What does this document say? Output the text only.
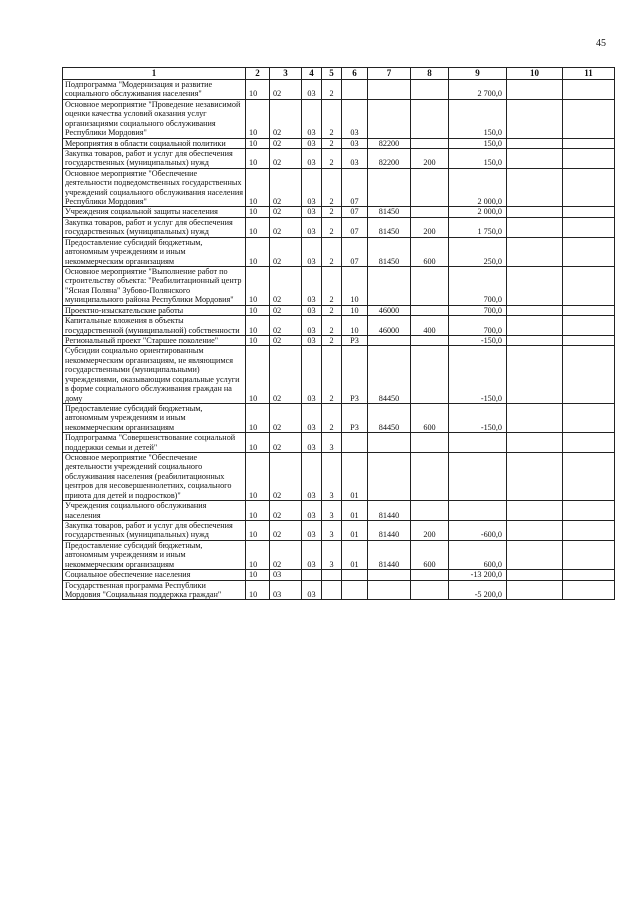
45
1	2	3	4	5	6	7	8	9	10	11
Подпрограмма "Модернизация и развитие социального обслуживания населения"	10	02	03	2				2 700,0		
Основное мероприятие "Проведение независимой оценки качества условий оказания услуг организациями социального обслуживания Республики Мордовия"	10	02	03	2	03			150,0		
Мероприятия в области социальной политики	10	02	03	2	03	82200		150,0		
Закупка товаров, работ и услуг для обеспечения государственных (муниципальных) нужд	10	02	03	2	03	82200	200	150,0		
Основное мероприятие "Обеспечение деятельности подведомственных государственных учреждений социального обслуживания населения Республики Мордовия"	10	02	03	2	07			2 000,0		
Учреждения социальной защиты населения	10	02	03	2	07	81450		2 000,0		
Закупка товаров, работ и услуг для обеспечения государственных (муниципальных) нужд	10	02	03	2	07	81450	200	1 750,0		
Предоставление субсидий бюджетным, автономным учреждениям и иным некоммерческим организациям	10	02	03	2	07	81450	600	250,0		
Основное мероприятие "Выполнение работ по строительству объекта: "Реабилитационный центр "Ясная Поляна" Зубово-Полянского муниципального района Республики Мордовия"	10	02	03	2	10			700,0		
Проектно-изыскательские работы	10	02	03	2	10	46000		700,0		
Капитальные вложения в объекты государственной (муниципальной) собственности	10	02	03	2	10	46000	400	700,0		
Региональный проект "Старшее поколение"	10	02	03	2	Р3			-150,0		
Субсидии социально ориентированным некоммерческим организациям, не являющимся государственными (муниципальными) учреждениями, оказывающим социальные услуги в форме социального обслуживания граждан на дому	10	02	03	2	Р3	84450		-150,0		
Предоставление субсидий бюджетным, автономным учреждениям и иным некоммерческим организациям	10	02	03	2	Р3	84450	600	-150,0		
Подпрограмма "Совершенствование социальной поддержки семьи и детей"	10	02	03	3						
Основное мероприятие "Обеспечение деятельности учреждений социального обслуживания населения (реабилитационных центров для несовершеннолетних, социального приюта для детей и подростков)"	10	02	03	3	01					
Учреждения социального обслуживания населения	10	02	03	3	01	81440				
Закупка товаров, работ и услуг для обеспечения государственных (муниципальных) нужд	10	02	03	3	01	81440	200	-600,0		
Предоставление субсидий бюджетным, автономным учреждениям и иным некоммерческим организациям	10	02	03	3	01	81440	600	600,0		
Социальное обеспечение населения	10	03						-13 200,0		
Государственная программа Республики Мордовия "Социальная поддержка граждан"	10	03	03					-5 200,0		
